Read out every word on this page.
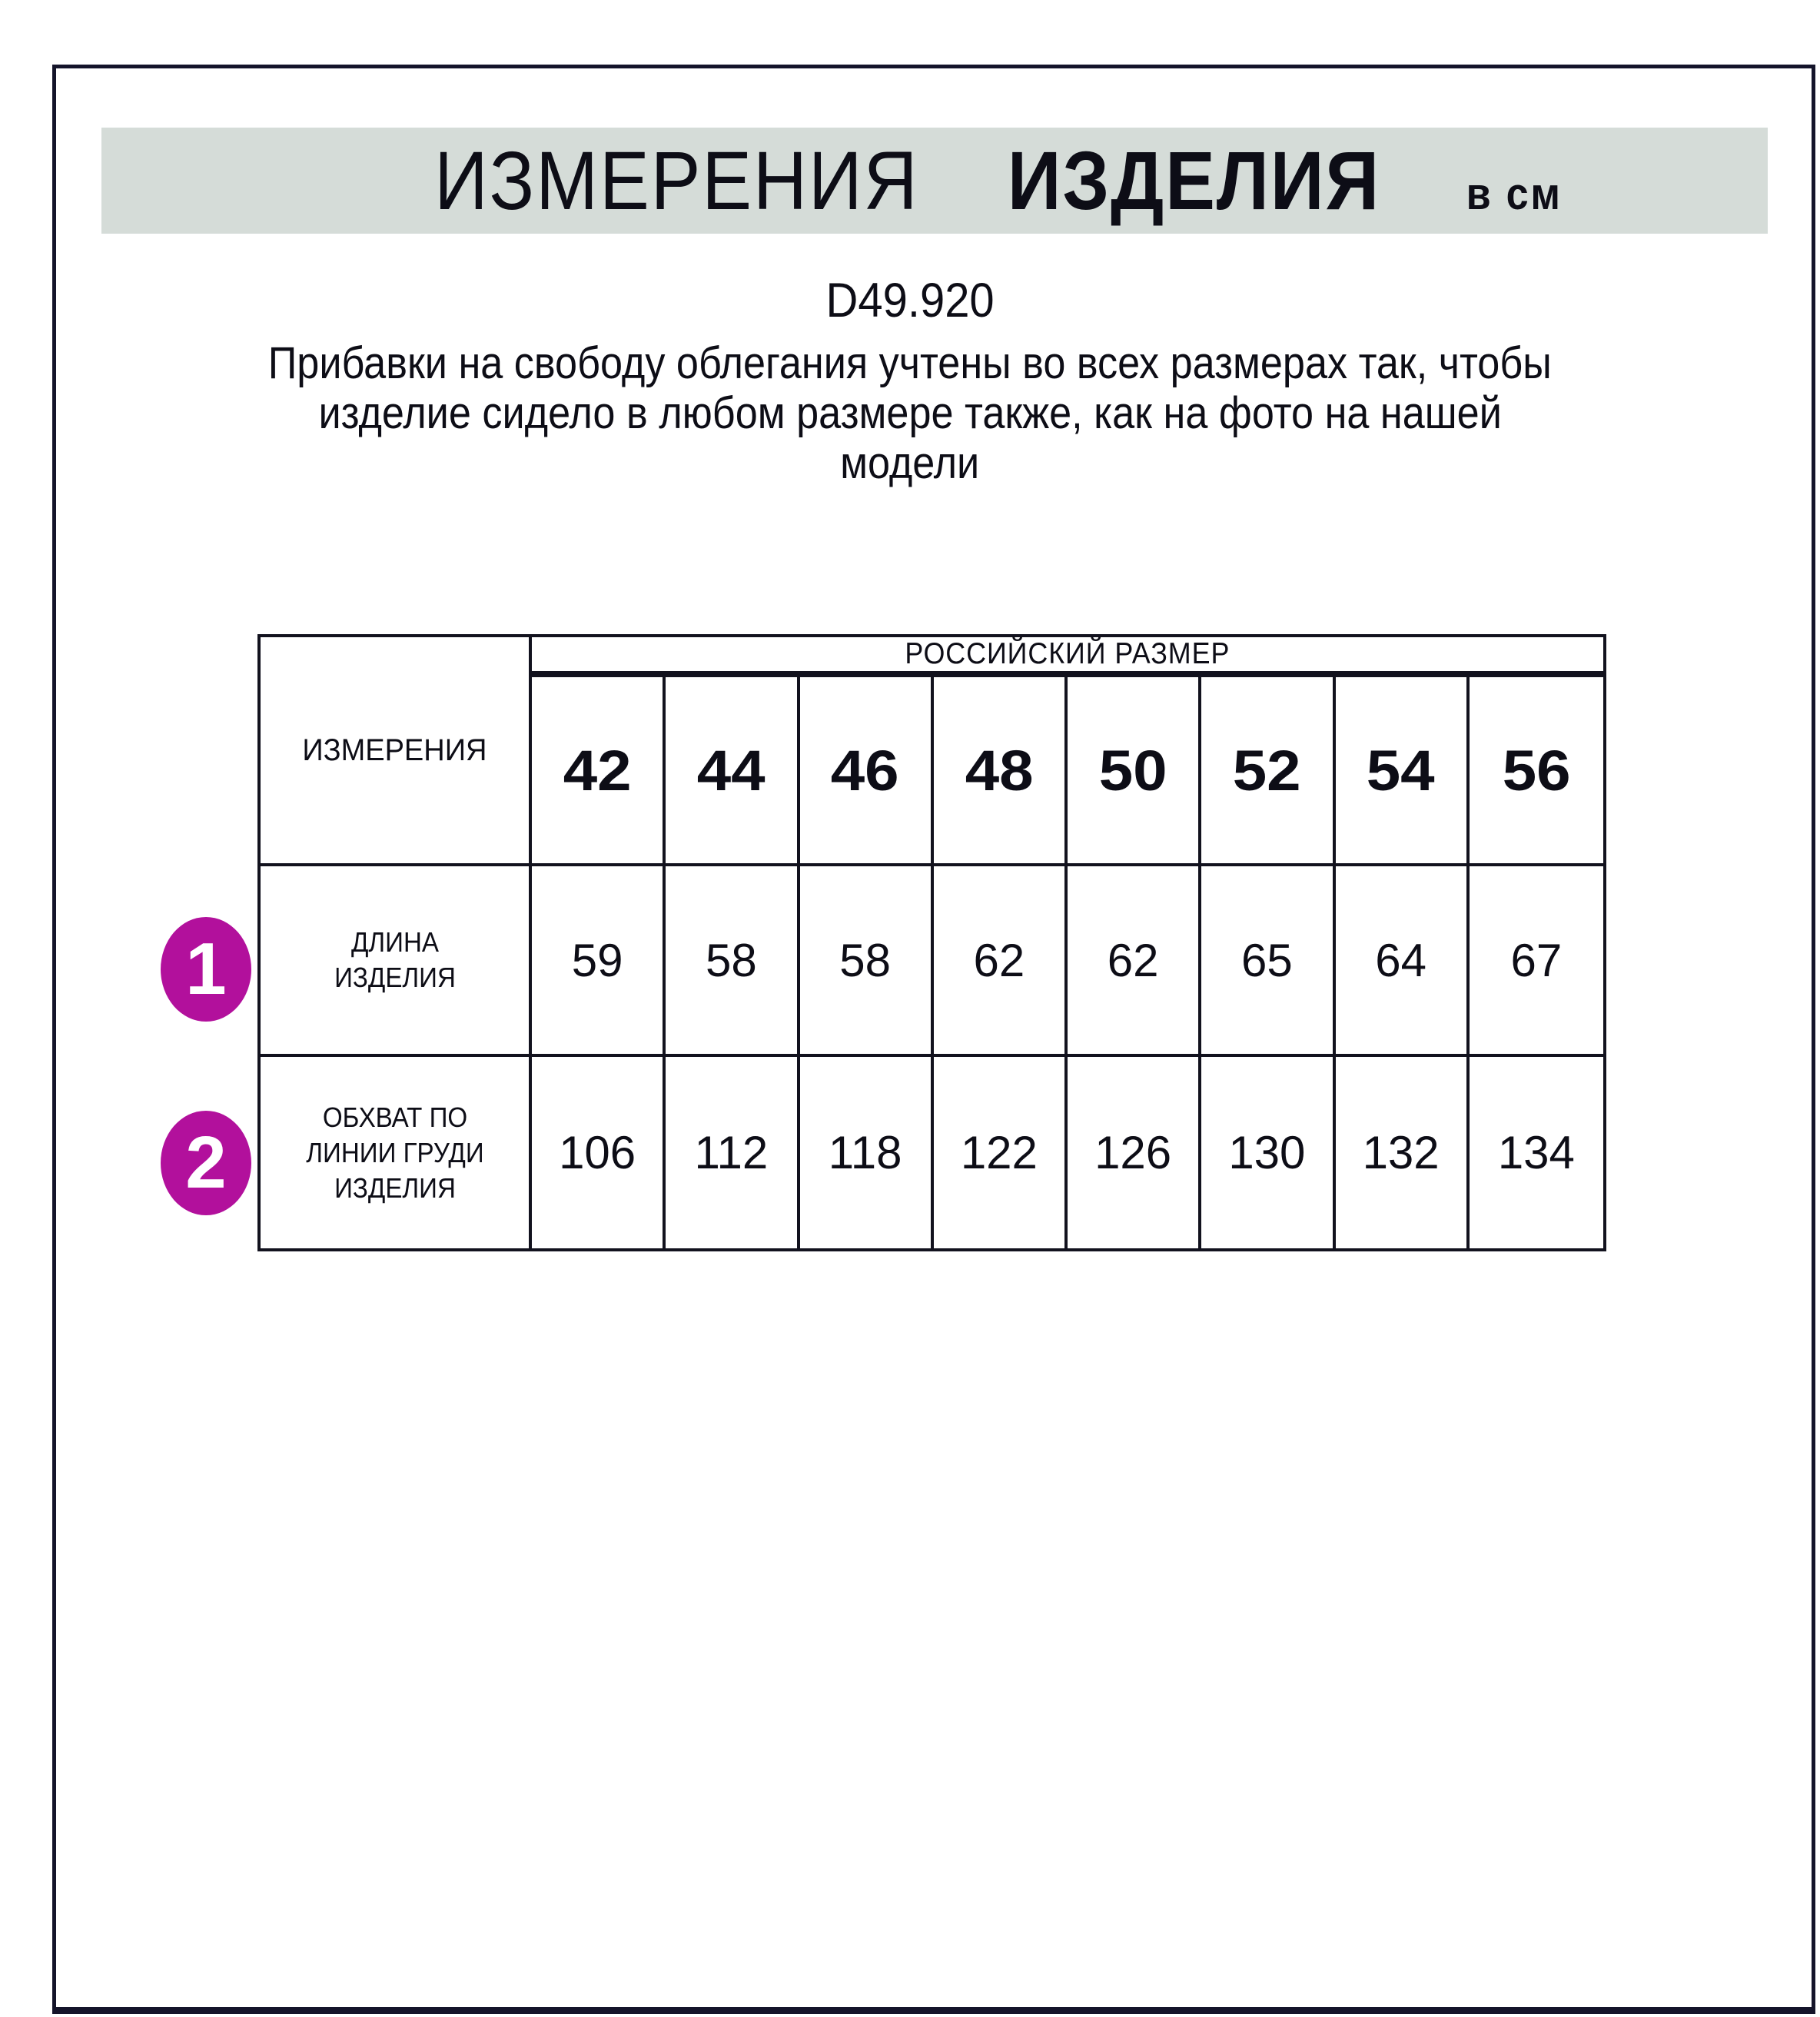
ИЗМЕРЕНИЯ ИЗДЕЛИЯ в см
D49.920
Прибавки на свободу облегания учтены во всех размерах так, чтобы
изделие сидело в любом размере также, как на фото на нашей
модели
ИЗМЕРЕНИЯ
РОССИЙСКИЙ РАЗМЕР
42 44 46 48 50 52 54 56
ДЛИНА ИЗДЕЛИЯ	59 58 58 62 62 65 64 67
ОБХВАТ ПО ЛИНИИ ГРУДИ ИЗДЕЛИЯ
106 112 118 122 126 130 132 134
1
2
